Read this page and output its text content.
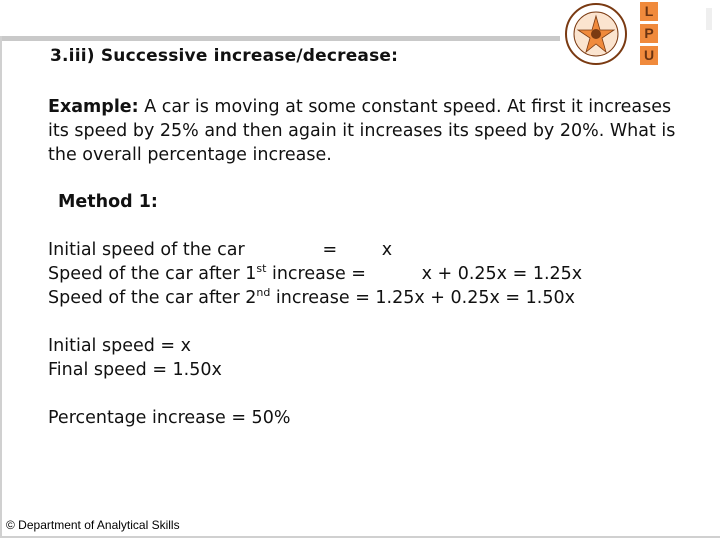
L
P
U
3.iii) Successive increase/decrease:
Example: A car is moving at some constant speed. At first it increases its speed by 25% and then again it increases its speed by 20%. What is the overall percentage increase.
Method 1:
Initial speed of the car              =        x
Speed of the car after 1st increase =          x + 0.25x = 1.25x
Speed of the car after 2nd increase = 1.25x + 0.25x = 1.50x
Initial speed = x
Final speed = 1.50x
Percentage increase = 50%
© Department of Analytical Skills
